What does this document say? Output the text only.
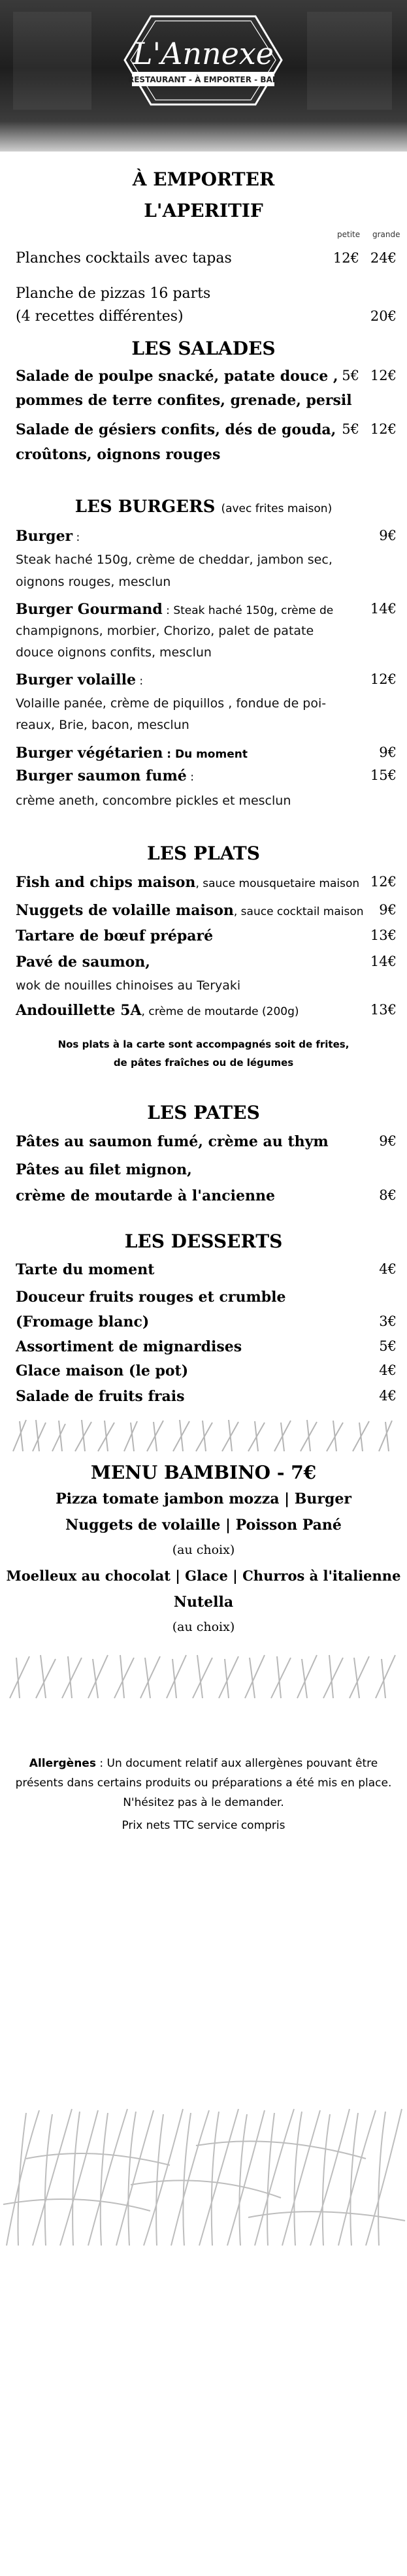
L'Annexe
RESTAURANT - À EMPORTER - BAR
À EMPORTER
L'APERITIF
petite grande
Planches cocktails avec tapas	12€ 24€
Planche de pizzas 16 parts
(4 recettes différentes)	20€
LES SALADES
Salade de poulpe snacké, patate douce ,
pommes de terre confites, grenade, persil
5€ 12€
Salade de gésiers confits, dés de gouda,
croûtons, oignons rouges
5€ 12€
LES BURGERS (avec frites maison)
Burger :	9€
Steak haché 150g, crème de cheddar, jambon sec,
oignons rouges, mesclun
Burger Gourmand : Steak haché 150g, crème de	14€
champignons, morbier, Chorizo, palet de patate
douce oignons confits, mesclun
Burger volaille :	12€
Volaille panée, crème de piquillos , fondue de poi-
reaux, Brie, bacon, mesclun
Burger végétarien : Du moment	9€
Burger saumon fumé :	15€
crème aneth, concombre pickles et mesclun
LES PLATS
Fish and chips maison, sauce mousquetaire maison 12€
Nuggets de volaille maison, sauce cocktail maison	9€
Tartare de bœuf préparé	13€
Pavé de saumon,	14€
wok de nouilles chinoises au Teryaki
Andouillette 5A, crème de moutarde (200g)	13€
Nos plats à la carte sont accompagnés soit de frites,
de pâtes fraîches ou de légumes
LES PATES
Pâtes au saumon fumé, crème au thym	9€
Pâtes au filet mignon,
crème de moutarde à l'ancienne	8€
LES DESSERTS
Tarte du moment	4€
Douceur fruits rouges et crumble
(Fromage blanc)	3€
Assortiment de mignardises	5€
Glace maison (le pot)	4€
Salade de fruits frais	4€
MENU BAMBINO - 7€
Pizza tomate jambon mozza | Burger
Nuggets de volaille | Poisson Pané
(au choix)
Moelleux au chocolat | Glace | Churros à l'italienne
Nutella
(au choix)
Allergènes : Un document relatif aux allergènes pouvant être
présents dans certains produits ou préparations a été mis en place.
N'hésitez pas à le demander.
Prix nets TTC service compris
